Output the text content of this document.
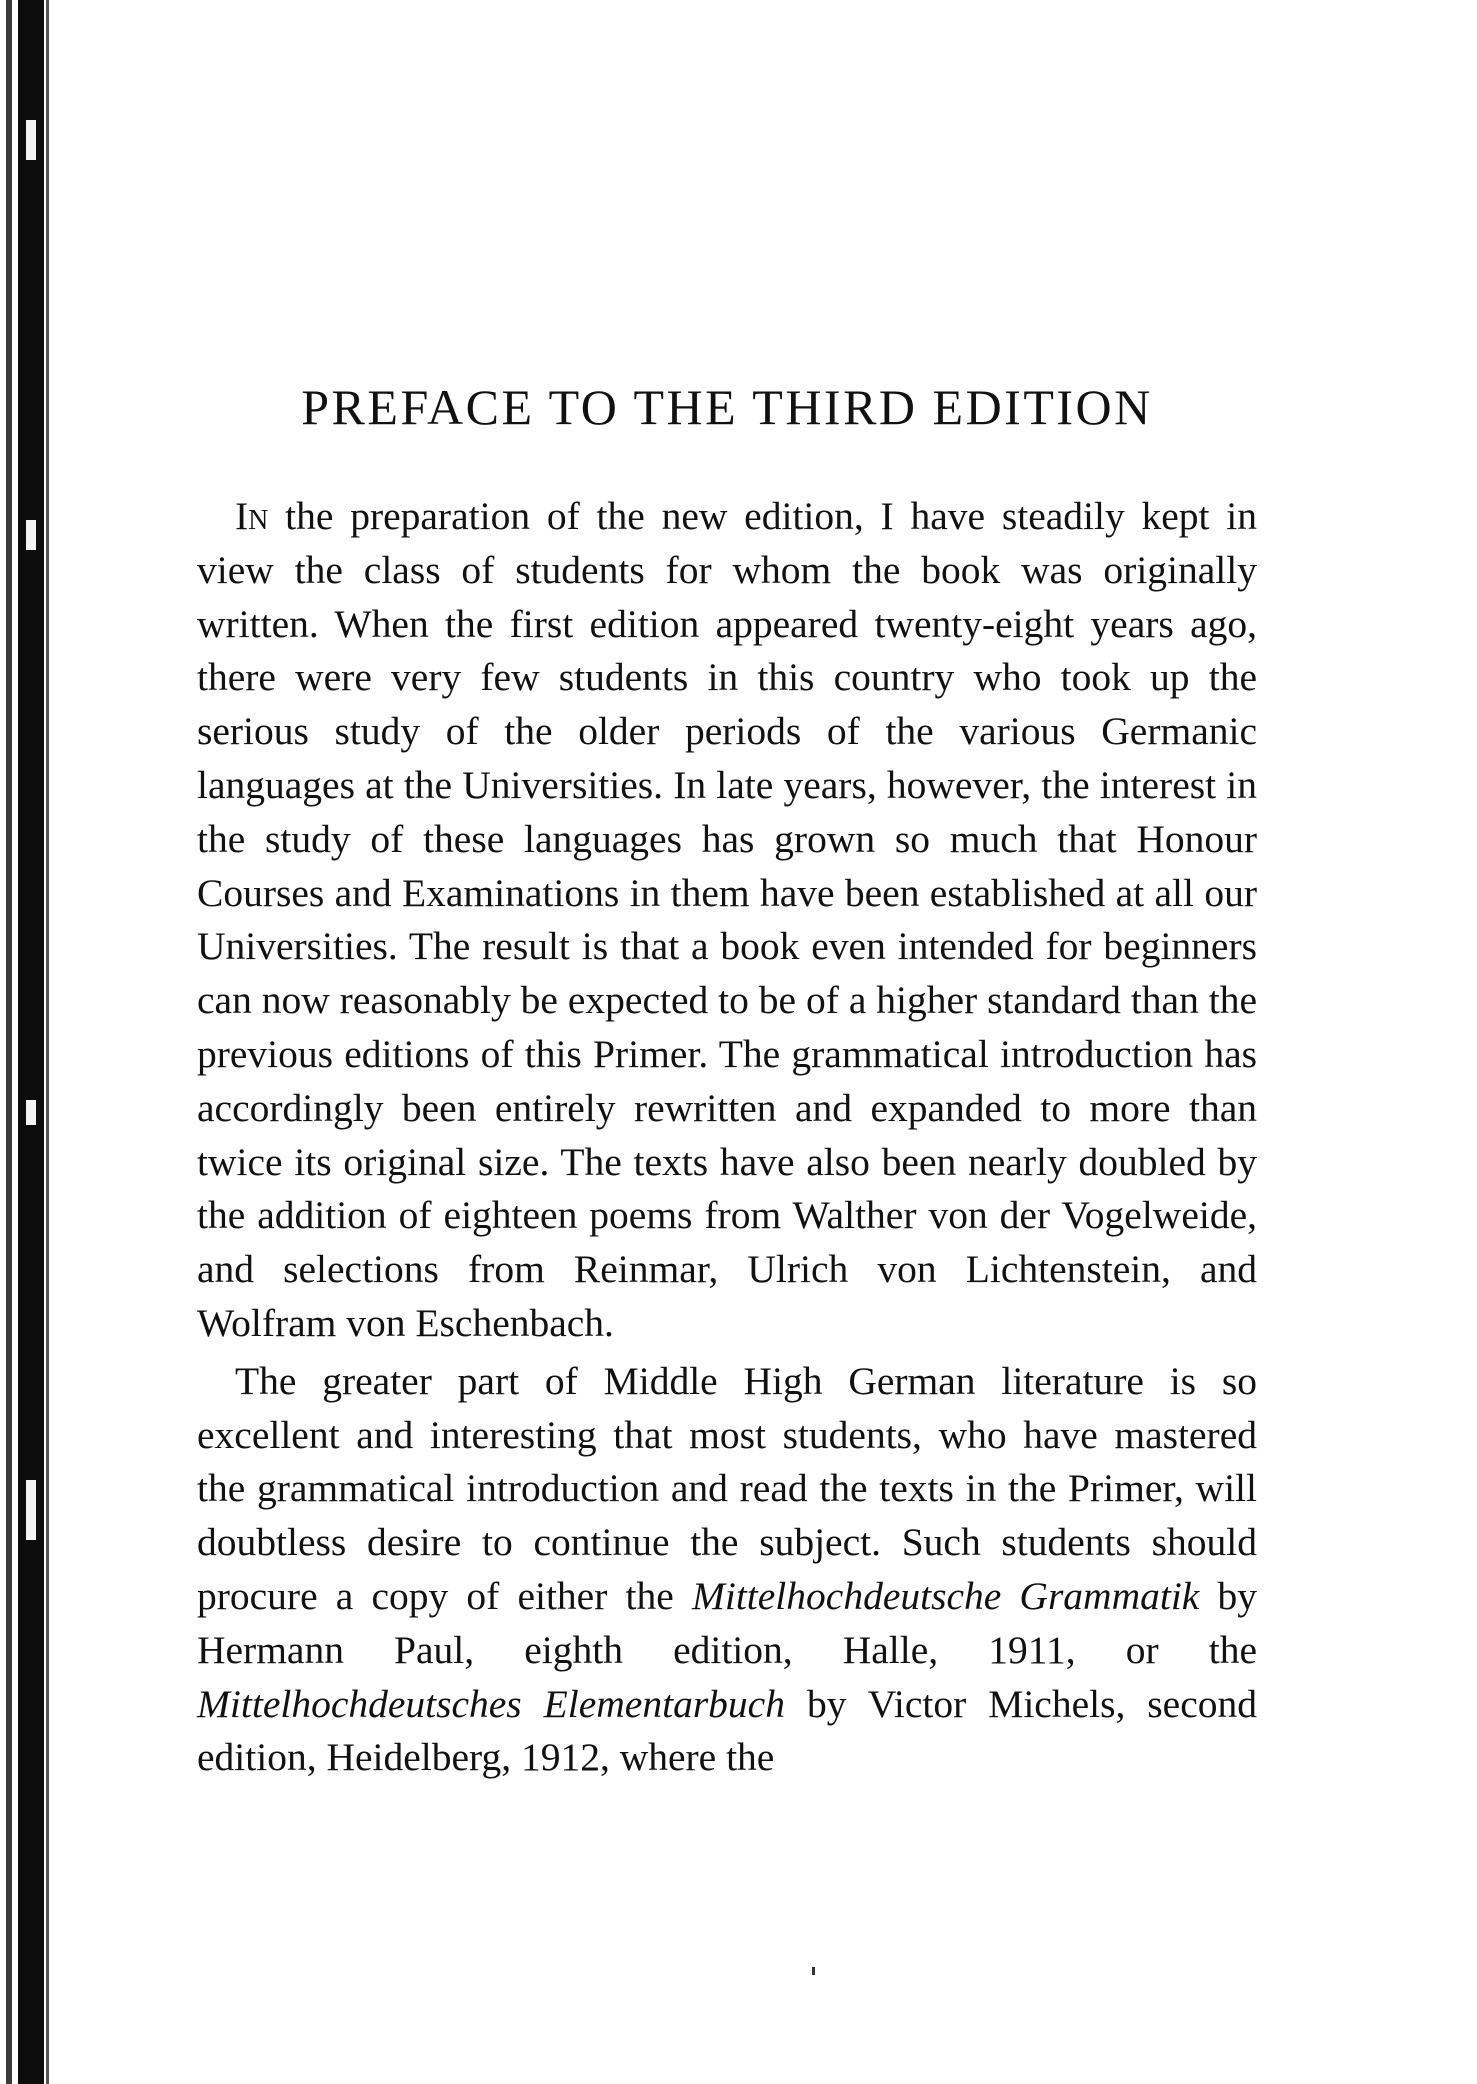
PREFACE TO THE THIRD EDITION

In the preparation of the new edition, I have steadily kept in view the class of students for whom the book was originally written. When the first edition appeared twenty-eight years ago, there were very few students in this country who took up the serious study of the older periods of the various Germanic languages at the Universities. In late years, however, the interest in the study of these languages has grown so much that Honour Courses and Examinations in them have been established at all our Universities. The result is that a book even intended for beginners can now reasonably be expected to be of a higher standard than the previous editions of this Primer. The grammatical introduction has accordingly been entirely rewritten and expanded to more than twice its original size. The texts have also been nearly doubled by the addition of eighteen poems from Walther von der Vogelweide, and selections from Reinmar, Ulrich von Lichtenstein, and Wolfram von Eschenbach.

The greater part of Middle High German literature is so excellent and interesting that most students, who have mastered the grammatical introduction and read the texts in the Primer, will doubtless desire to continue the subject. Such students should procure a copy of either the Mittelhochdeutsche Grammatik by Hermann Paul, eighth edition, Halle, 1911, or the Mittelhochdeutsches Elementarbuch by Victor Michels, second edition, Heidelberg, 1912, where the
